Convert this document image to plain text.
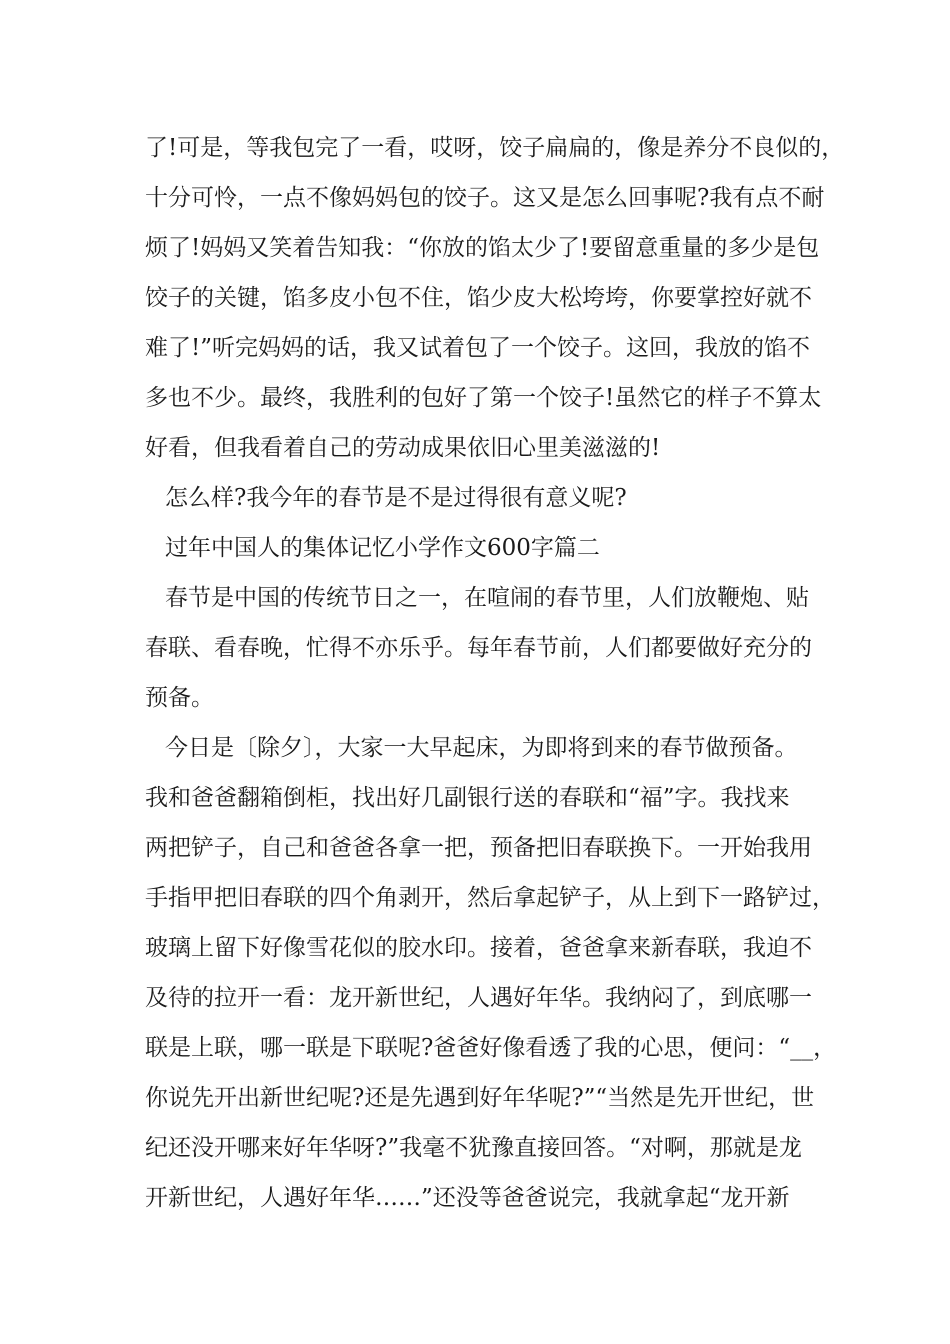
了!可是，等我包完了一看，哎呀，饺子扁扁的，像是养分不良似的，
十分可怜，一点不像妈妈包的饺子。这又是怎么回事呢?我有点不耐
烦了!妈妈又笑着告知我：“你放的馅太少了!要留意重量的多少是包
饺子的关键，馅多皮小包不住，馅少皮大松垮垮，你要掌控好就不
难了!”听完妈妈的话，我又试着包了一个饺子。这回，我放的馅不
多也不少。最终，我胜利的包好了第一个饺子!虽然它的样子不算太
好看，但我看着自己的劳动成果依旧心里美滋滋的!
怎么样?我今年的春节是不是过得很有意义呢?
过年中国人的集体记忆小学作文600字篇二
春节是中国的传统节日之一，在喧闹的春节里，人们放鞭炮、贴
春联、看春晚，忙得不亦乐乎。每年春节前，人们都要做好充分的
预备。
今日是〔除夕〕，大家一大早起床，为即将到来的春节做预备。
我和爸爸翻箱倒柜，找出好几副银行送的春联和“福”字。我找来
两把铲子，自己和爸爸各拿一把，预备把旧春联换下。一开始我用
手指甲把旧春联的四个角剥开，然后拿起铲子，从上到下一路铲过，
玻璃上留下好像雪花似的胶水印。接着，爸爸拿来新春联，我迫不
及待的拉开一看：龙开新世纪，人遇好年华。我纳闷了，到底哪一
联是上联，哪一联是下联呢?爸爸好像看透了我的心思，便问：“__，
你说先开出新世纪呢?还是先遇到好年华呢?”“当然是先开世纪，世
纪还没开哪来好年华呀?”我毫不犹豫直接回答。“对啊，那就是龙
开新世纪，人遇好年华……”还没等爸爸说完，我就拿起“龙开新
